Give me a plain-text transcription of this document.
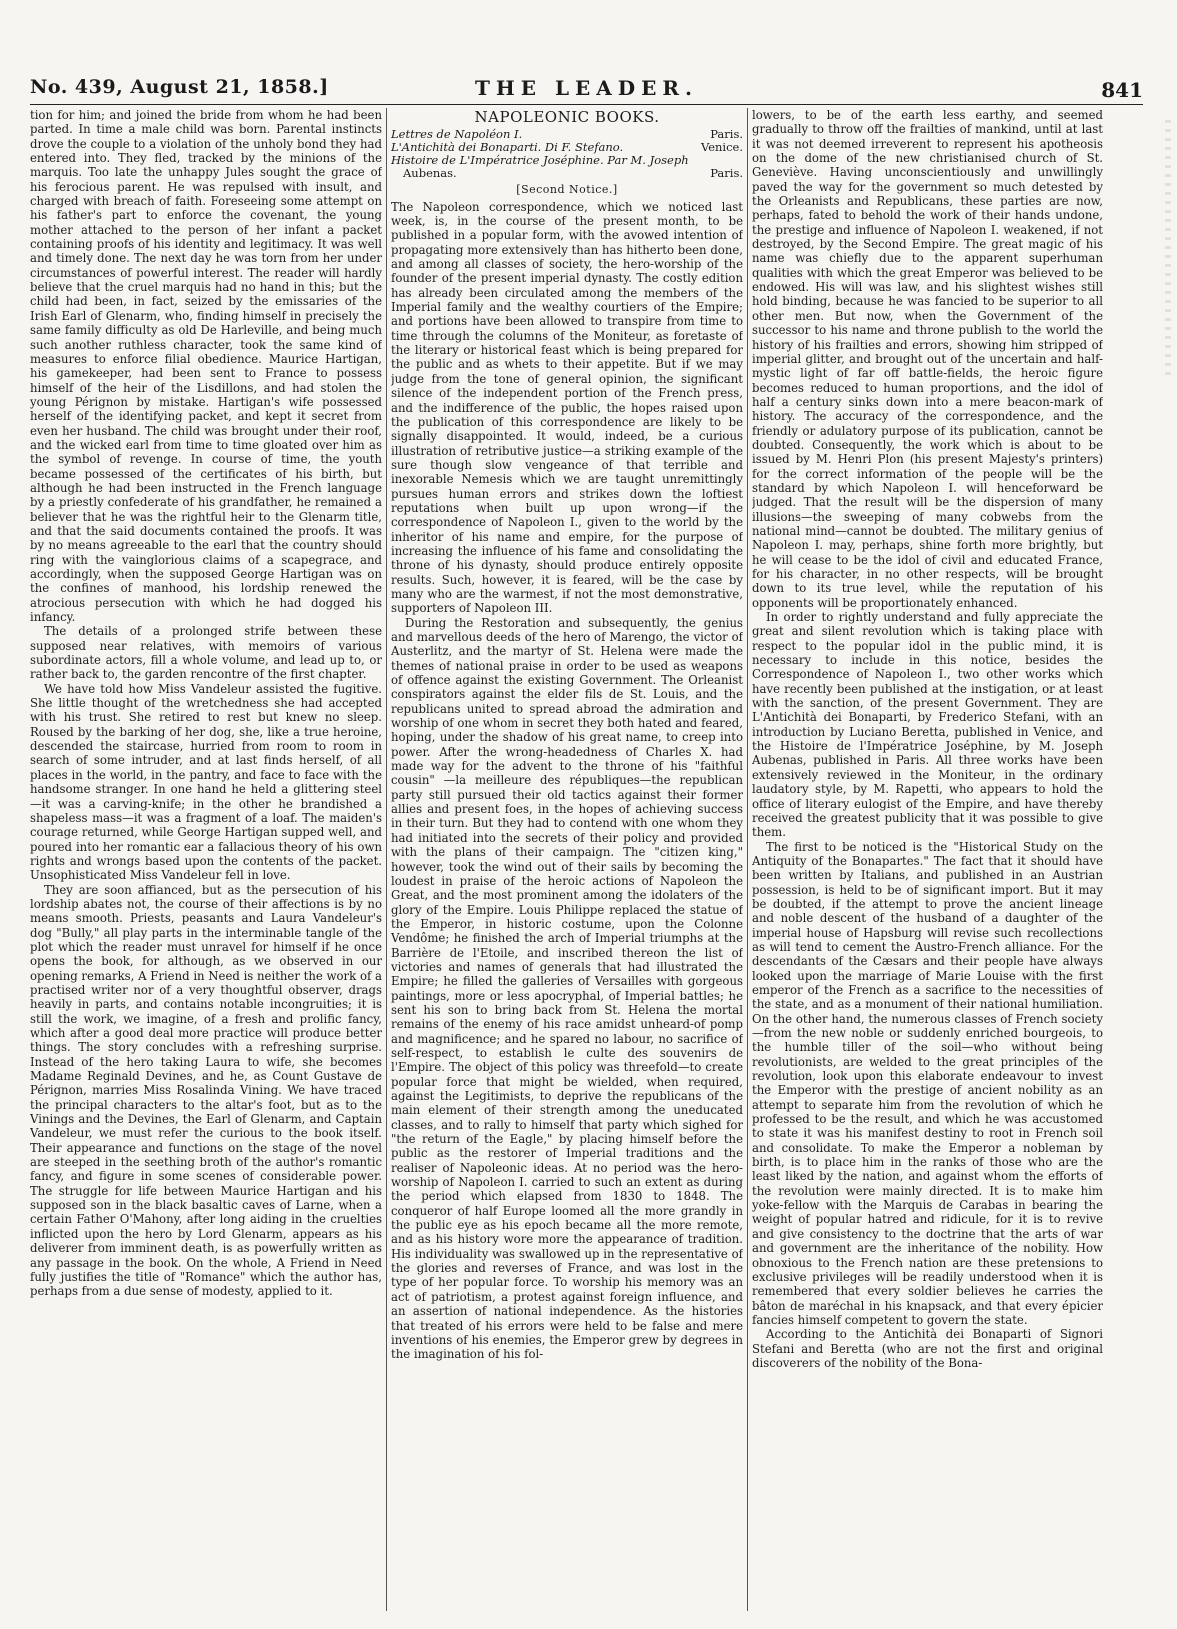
No. 439, August 21, 1858.]	THE LEADER.	841

tion for him; and joined the bride from whom he had been parted. In time a male child was born. Parental instincts drove the couple to a violation of the unholy bond they had entered into. They fled, tracked by the minions of the marquis. Too late the unhappy Jules sought the grace of his ferocious parent. He was repulsed with insult, and charged with breach of faith. Foreseeing some attempt on his father's part to enforce the covenant, the young mother attached to the person of her infant a packet containing proofs of his identity and legitimacy. It was well and timely done. The next day he was torn from her under circumstances of powerful interest. The reader will hardly believe that the cruel marquis had no hand in this; but the child had been, in fact, seized by the emissaries of the Irish Earl of Glenarm, who, finding himself in precisely the same family difficulty as old De Harleville, and being much such another ruthless character, took the same kind of measures to enforce filial obedience. Maurice Hartigan, his gamekeeper, had been sent to France to possess himself of the heir of the Lisdillons, and had stolen the young Pérignon by mistake. Hartigan's wife possessed herself of the identifying packet, and kept it secret from even her husband. The child was brought under their roof, and the wicked earl from time to time gloated over him as the symbol of revenge. In course of time, the youth became possessed of the certificates of his birth, but although he had been instructed in the French language by a priestly confederate of his grandfather, he remained a believer that he was the rightful heir to the Glenarm title, and that the said documents contained the proofs. It was by no means agreeable to the earl that the country should ring with the vainglorious claims of a scapegrace, and accordingly, when the supposed George Hartigan was on the confines of manhood, his lordship renewed the atrocious persecution with which he had dogged his infancy.

The details of a prolonged strife between these supposed near relatives, with memoirs of various subordinate actors, fill a whole volume, and lead up to, or rather back to, the garden rencontre of the first chapter.

We have told how Miss Vandeleur assisted the fugitive. She little thought of the wretchedness she had accepted with his trust. She retired to rest but knew no sleep. Roused by the barking of her dog, she, like a true heroine, descended the staircase, hurried from room to room in search of some intruder, and at last finds herself, of all places in the world, in the pantry, and face to face with the handsome stranger. In one hand he held a glittering steel—it was a carving-knife; in the other he brandished a shapeless mass—it was a fragment of a loaf. The maiden's courage returned, while George Hartigan supped well, and poured into her romantic ear a fallacious theory of his own rights and wrongs based upon the contents of the packet. Unsophisticated Miss Vandeleur fell in love.

They are soon affianced, but as the persecution of his lordship abates not, the course of their affections is by no means smooth. Priests, peasants and Laura Vandeleur's dog "Bully," all play parts in the interminable tangle of the plot which the reader must unravel for himself if he once opens the book, for although, as we observed in our opening remarks, A Friend in Need is neither the work of a practised writer nor of a very thoughtful observer, drags heavily in parts, and contains notable incongruities; it is still the work, we imagine, of a fresh and prolific fancy, which after a good deal more practice will produce better things. The story concludes with a refreshing surprise. Instead of the hero taking Laura to wife, she becomes Madame Reginald Devines, and he, as Count Gustave de Pérignon, marries Miss Rosalinda Vining. We have traced the principal characters to the altar's foot, but as to the Vinings and the Devines, the Earl of Glenarm, and Captain Vandeleur, we must refer the curious to the book itself. Their appearance and functions on the stage of the novel are steeped in the seething broth of the author's romantic fancy, and figure in some scenes of considerable power. The struggle for life between Maurice Hartigan and his supposed son in the black basaltic caves of Larne, when a certain Father O'Mahony, after long aiding in the cruelties inflicted upon the hero by Lord Glenarm, appears as his deliverer from imminent death, is as powerfully written as any passage in the book. On the whole, A Friend in Need fully justifies the title of "Romance" which the author has, perhaps from a due sense of modesty, applied to it.

NAPOLEONIC BOOKS.
Lettres de Napoléon I.	Paris.
L'Antichità dei Bonaparti. Di F. Stefano.	Venice.
Histoire de L'Impératrice Joséphine. Par M. Joseph
Aubenas.	Paris.
[Second Notice.]

The Napoleon correspondence, which we noticed last week, is, in the course of the present month, to be published in a popular form, with the avowed intention of propagating more extensively than has hitherto been done, and among all classes of society, the hero-worship of the founder of the present imperial dynasty. The costly edition has already been circulated among the members of the Imperial family and the wealthy courtiers of the Empire; and portions have been allowed to transpire from time to time through the columns of the Moniteur, as foretaste of the literary or historical feast which is being prepared for the public and as whets to their appetite. But if we may judge from the tone of general opinion, the significant silence of the independent portion of the French press, and the indifference of the public, the hopes raised upon the publication of this correspondence are likely to be signally disappointed. It would, indeed, be a curious illustration of retributive justice—a striking example of the sure though slow vengeance of that terrible and inexorable Nemesis which we are taught unremittingly pursues human errors and strikes down the loftiest reputations when built up upon wrong—if the correspondence of Napoleon I., given to the world by the inheritor of his name and empire, for the purpose of increasing the influence of his fame and consolidating the throne of his dynasty, should produce entirely opposite results. Such, however, it is feared, will be the case by many who are the warmest, if not the most demonstrative, supporters of Napoleon III.

During the Restoration and subsequently, the genius and marvellous deeds of the hero of Marengo, the victor of Austerlitz, and the martyr of St. Helena were made the themes of national praise in order to be used as weapons of offence against the existing Government. The Orleanist conspirators against the elder fils de St. Louis, and the republicans united to spread abroad the admiration and worship of one whom in secret they both hated and feared, hoping, under the shadow of his great name, to creep into power. After the wrong-headedness of Charles X. had made way for the advent to the throne of his "faithful cousin" —la meilleure des républiques—the republican party still pursued their old tactics against their former allies and present foes, in the hopes of achieving success in their turn. But they had to contend with one whom they had initiated into the secrets of their policy and provided with the plans of their campaign. The "citizen king," however, took the wind out of their sails by becoming the loudest in praise of the heroic actions of Napoleon the Great, and the most prominent among the idolaters of the glory of the Empire. Louis Philippe replaced the statue of the Emperor, in historic costume, upon the Colonne Vendôme; he finished the arch of Imperial triumphs at the Barrière de l'Etoile, and inscribed thereon the list of victories and names of generals that had illustrated the Empire; he filled the galleries of Versailles with gorgeous paintings, more or less apocryphal, of Imperial battles; he sent his son to bring back from St. Helena the mortal remains of the enemy of his race amidst unheard-of pomp and magnificence; and he spared no labour, no sacrifice of self-respect, to establish le culte des souvenirs de l'Empire. The object of this policy was threefold—to create popular force that might be wielded, when required, against the Legitimists, to deprive the republicans of the main element of their strength among the uneducated classes, and to rally to himself that party which sighed for "the return of the Eagle," by placing himself before the public as the restorer of Imperial traditions and the realiser of Napoleonic ideas. At no period was the hero-worship of Napoleon I. carried to such an extent as during the period which elapsed from 1830 to 1848. The conqueror of half Europe loomed all the more grandly in the public eye as his epoch became all the more remote, and as his history wore more the appearance of tradition. His individuality was swallowed up in the representative of the glories and reverses of France, and was lost in the type of her popular force. To worship his memory was an act of patriotism, a protest against foreign influence, and an assertion of national independence. As the histories that treated of his errors were held to be false and mere inventions of his enemies, the Emperor grew by degrees in the imagination of his fol-

lowers, to be of the earth less earthy, and seemed gradually to throw off the frailties of mankind, until at last it was not deemed irreverent to represent his apotheosis on the dome of the new christianised church of St. Geneviève. Having unconscientiously and unwillingly paved the way for the government so much detested by the Orleanists and Republicans, these parties are now, perhaps, fated to behold the work of their hands undone, the prestige and influence of Napoleon I. weakened, if not destroyed, by the Second Empire. The great magic of his name was chiefly due to the apparent superhuman qualities with which the great Emperor was believed to be endowed. His will was law, and his slightest wishes still hold binding, because he was fancied to be superior to all other men. But now, when the Government of the successor to his name and throne publish to the world the history of his frailties and errors, showing him stripped of imperial glitter, and brought out of the uncertain and half-mystic light of far off battle-fields, the heroic figure becomes reduced to human proportions, and the idol of half a century sinks down into a mere beacon-mark of history. The accuracy of the correspondence, and the friendly or adulatory purpose of its publication, cannot be doubted. Consequently, the work which is about to be issued by M. Henri Plon (his present Majesty's printers) for the correct information of the people will be the standard by which Napoleon I. will henceforward be judged. That the result will be the dispersion of many illusions—the sweeping of many cobwebs from the national mind—cannot be doubted. The military genius of Napoleon I. may, perhaps, shine forth more brightly, but he will cease to be the idol of civil and educated France, for his character, in no other respects, will be brought down to its true level, while the reputation of his opponents will be proportionately enhanced.

In order to rightly understand and fully appreciate the great and silent revolution which is taking place with respect to the popular idol in the public mind, it is necessary to include in this notice, besides the Correspondence of Napoleon I., two other works which have recently been published at the instigation, or at least with the sanction, of the present Government. They are L'Antichità dei Bonaparti, by Frederico Stefani, with an introduction by Luciano Beretta, published in Venice, and the Histoire de l'Impératrice Joséphine, by M. Joseph Aubenas, published in Paris. All three works have been extensively reviewed in the Moniteur, in the ordinary laudatory style, by M. Rapetti, who appears to hold the office of literary eulogist of the Empire, and have thereby received the greatest publicity that it was possible to give them.

The first to be noticed is the "Historical Study on the Antiquity of the Bonapartes." The fact that it should have been written by Italians, and published in an Austrian possession, is held to be of significant import. But it may be doubted, if the attempt to prove the ancient lineage and noble descent of the husband of a daughter of the imperial house of Hapsburg will revise such recollections as will tend to cement the Austro-French alliance. For the descendants of the Cæsars and their people have always looked upon the marriage of Marie Louise with the first emperor of the French as a sacrifice to the necessities of the state, and as a monument of their national humiliation. On the other hand, the numerous classes of French society—from the new noble or suddenly enriched bourgeois, to the humble tiller of the soil—who without being revolutionists, are welded to the great principles of the revolution, look upon this elaborate endeavour to invest the Emperor with the prestige of ancient nobility as an attempt to separate him from the revolution of which he professed to be the result, and which he was accustomed to state it was his manifest destiny to root in French soil and consolidate. To make the Emperor a nobleman by birth, is to place him in the ranks of those who are the least liked by the nation, and against whom the efforts of the revolution were mainly directed. It is to make him yoke-fellow with the Marquis de Carabas in bearing the weight of popular hatred and ridicule, for it is to revive and give consistency to the doctrine that the arts of war and government are the inheritance of the nobility. How obnoxious to the French nation are these pretensions to exclusive privileges will be readily understood when it is remembered that every soldier believes he carries the bâton de maréchal in his knapsack, and that every épicier fancies himself competent to govern the state.

According to the Antichità dei Bonaparti of Signori Stefani and Beretta (who are not the first and original discoverers of the nobility of the Bona-
